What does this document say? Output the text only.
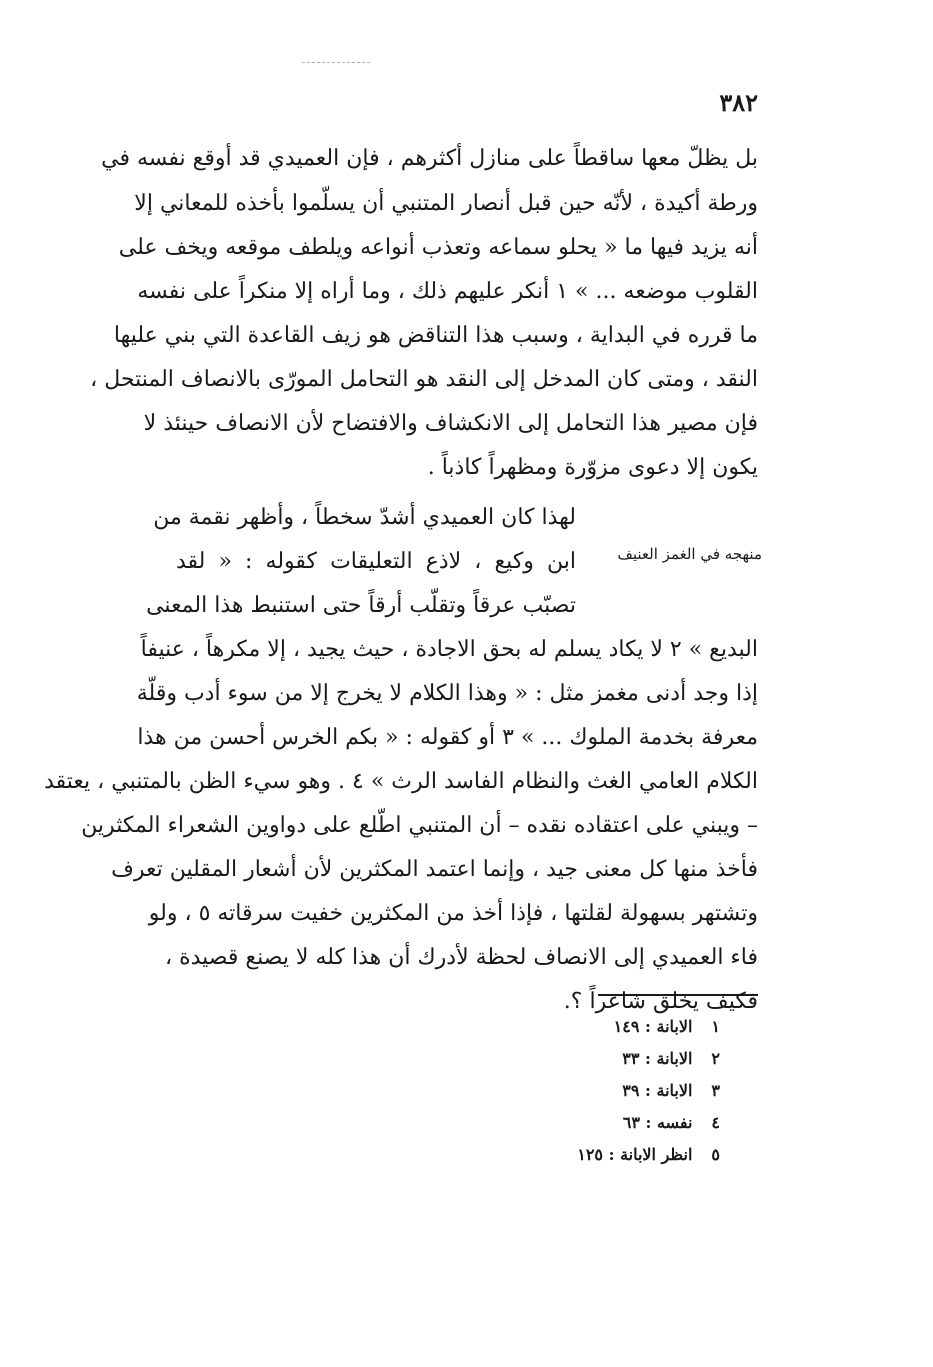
٣٨٢
بل يظلّ معها ساقطاً على منازل أكثرهم ، فإن العميدي قد أوقع نفسه في
ورطة أكيدة ، لأنّه حين قبل أنصار المتنبي أن يسلّموا بأخذه للمعاني إلا
أنه يزيد فيها ما « يحلو سماعه وتعذب أنواعه ويلطف موقعه ويخف على
القلوب موضعه ... » ١ أنكر عليهم ذلك ، وما أراه إلا منكراً على نفسه
ما قرره في البداية ، وسبب هذا التناقض هو زيف القاعدة التي بني عليها
النقد ، ومتى كان المدخل إلى النقد هو التحامل المورّى بالانصاف المنتحل ،
فإن مصير هذا التحامل إلى الانكشاف والافتضاح لأن الانصاف حينئذ لا
يكون إلا دعوى مزوّرة ومظهراً كاذباً .
منهجه في الغمز العنيف
لهذا كان العميدي أشدّ سخطاً ، وأظهر نقمة من
ابن وكيع ، لاذع التعليقات كقوله : « لقد
تصبّب عرقاً وتقلّب أرقاً حتى استنبط هذا المعنى
البديع » ٢ لا يكاد يسلم له بحق الاجادة ، حيث يجيد ، إلا مكرهاً ، عنيفاً
إذا وجد أدنى مغمز مثل : « وهذا الكلام لا يخرج إلا من سوء أدب وقلّة
معرفة بخدمة الملوك ... » ٣ أو كقوله : « بكم الخرس أحسن من هذا
الكلام العامي الغث والنظام الفاسد الرث » ٤ . وهو سيء الظن بالمتنبي ، يعتقد
– ويبني على اعتقاده نقده – أن المتنبي اطّلع على دواوين الشعراء المكثرين
فأخذ منها كل معنى جيد ، وإنما اعتمد المكثرين لأن أشعار المقلين تعرف
وتشتهر بسهولة لقلتها ، فإذا أخذ من المكثرين خفيت سرقاته ٥ ، ولو
فاء العميدي إلى الانصاف لحظة لأدرك أن هذا كله لا يصنع قصيدة ،
فكيف يخلق شاعراً ؟.
١ الابانة : ١٤٩
٢ الابانة : ٣٣
٣ الابانة : ٣٩
٤ نفسه : ٦٣
٥ انظر الابانة : ١٢٥
